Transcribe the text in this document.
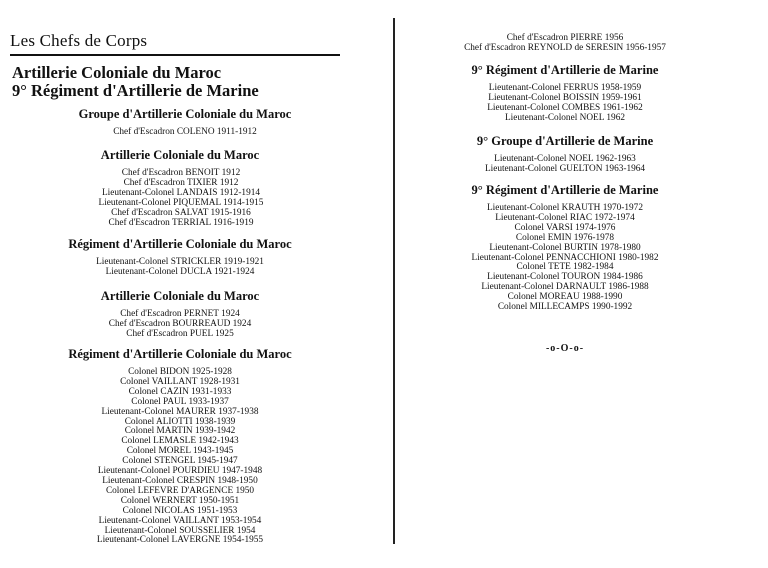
Les Chefs de Corps
Artillerie Coloniale du Maroc
9° Régiment d'Artillerie de Marine
Groupe d'Artillerie Coloniale du Maroc
Chef d'Escadron COLENO 1911-1912
Artillerie Coloniale du Maroc
Chef d'Escadron BENOIT 1912
Chef d'Escadron TIXIER 1912
Lieutenant-Colonel LANDAIS 1912-1914
Lieutenant-Colonel PIQUEMAL 1914-1915
Chef d'Escadron SALVAT 1915-1916
Chef d'Escadron TERRIAL 1916-1919
Régiment d'Artillerie Coloniale du Maroc
Lieutenant-Colonel STRICKLER 1919-1921
Lieutenant-Colonel DUCLA 1921-1924
Artillerie Coloniale du Maroc
Chef d'Escadron PERNET 1924
Chef d'Escadron BOURREAUD 1924
Chef d'Escadron PUEL 1925
Régiment d'Artillerie Coloniale du Maroc
Colonel BIDON 1925-1928
Colonel VAILLANT 1928-1931
Colonel CAZIN 1931-1933
Colonel PAUL 1933-1937
Lieutenant-Colonel MAURER 1937-1938
Colonel ALIOTTI 1938-1939
Colonel MARTIN 1939-1942
Colonel LEMASLE 1942-1943
Colonel MOREL 1943-1945
Colonel STENGEL 1945-1947
Lieutenant-Colonel POURDIEU 1947-1948
Lieutenant-Colonel CRESPIN 1948-1950
Colonel LEFEVRE D'ARGENCE 1950
Colonel WERNERT 1950-1951
Colonel NICOLAS 1951-1953
Lieutenant-Colonel VAILLANT 1953-1954
Lieutenant-Colonel SOUSSELIER 1954
Lieutenant-Colonel LAVERGNE 1954-1955
Chef d'Escadron PIERRE 1956
Chef d'Escadron REYNOLD de SERESIN 1956-1957
9° Régiment d'Artillerie de Marine
Lieutenant-Colonel FERRUS 1958-1959
Lieutenant-Colonel BOISSIN 1959-1961
Lieutenant-Colonel COMBES 1961-1962
Lieutenant-Colonel NOEL 1962
9° Groupe d'Artillerie de Marine
Lieutenant-Colonel NOEL 1962-1963
Lieutenant-Colonel GUELTON 1963-1964
9° Régiment d'Artillerie de Marine
Lieutenant-Colonel KRAUTH 1970-1972
Lieutenant-Colonel RIAC 1972-1974
Colonel VARSI 1974-1976
Colonel EMIN 1976-1978
Lieutenant-Colonel BURTIN 1978-1980
Lieutenant-Colonel PENNACCHIONI 1980-1982
Colonel TETE 1982-1984
Lieutenant-Colonel TOURON 1984-1986
Lieutenant-Colonel DARNAULT 1986-1988
Colonel MOREAU 1988-1990
Colonel MILLECAMPS 1990-1992
-o-O-o-
